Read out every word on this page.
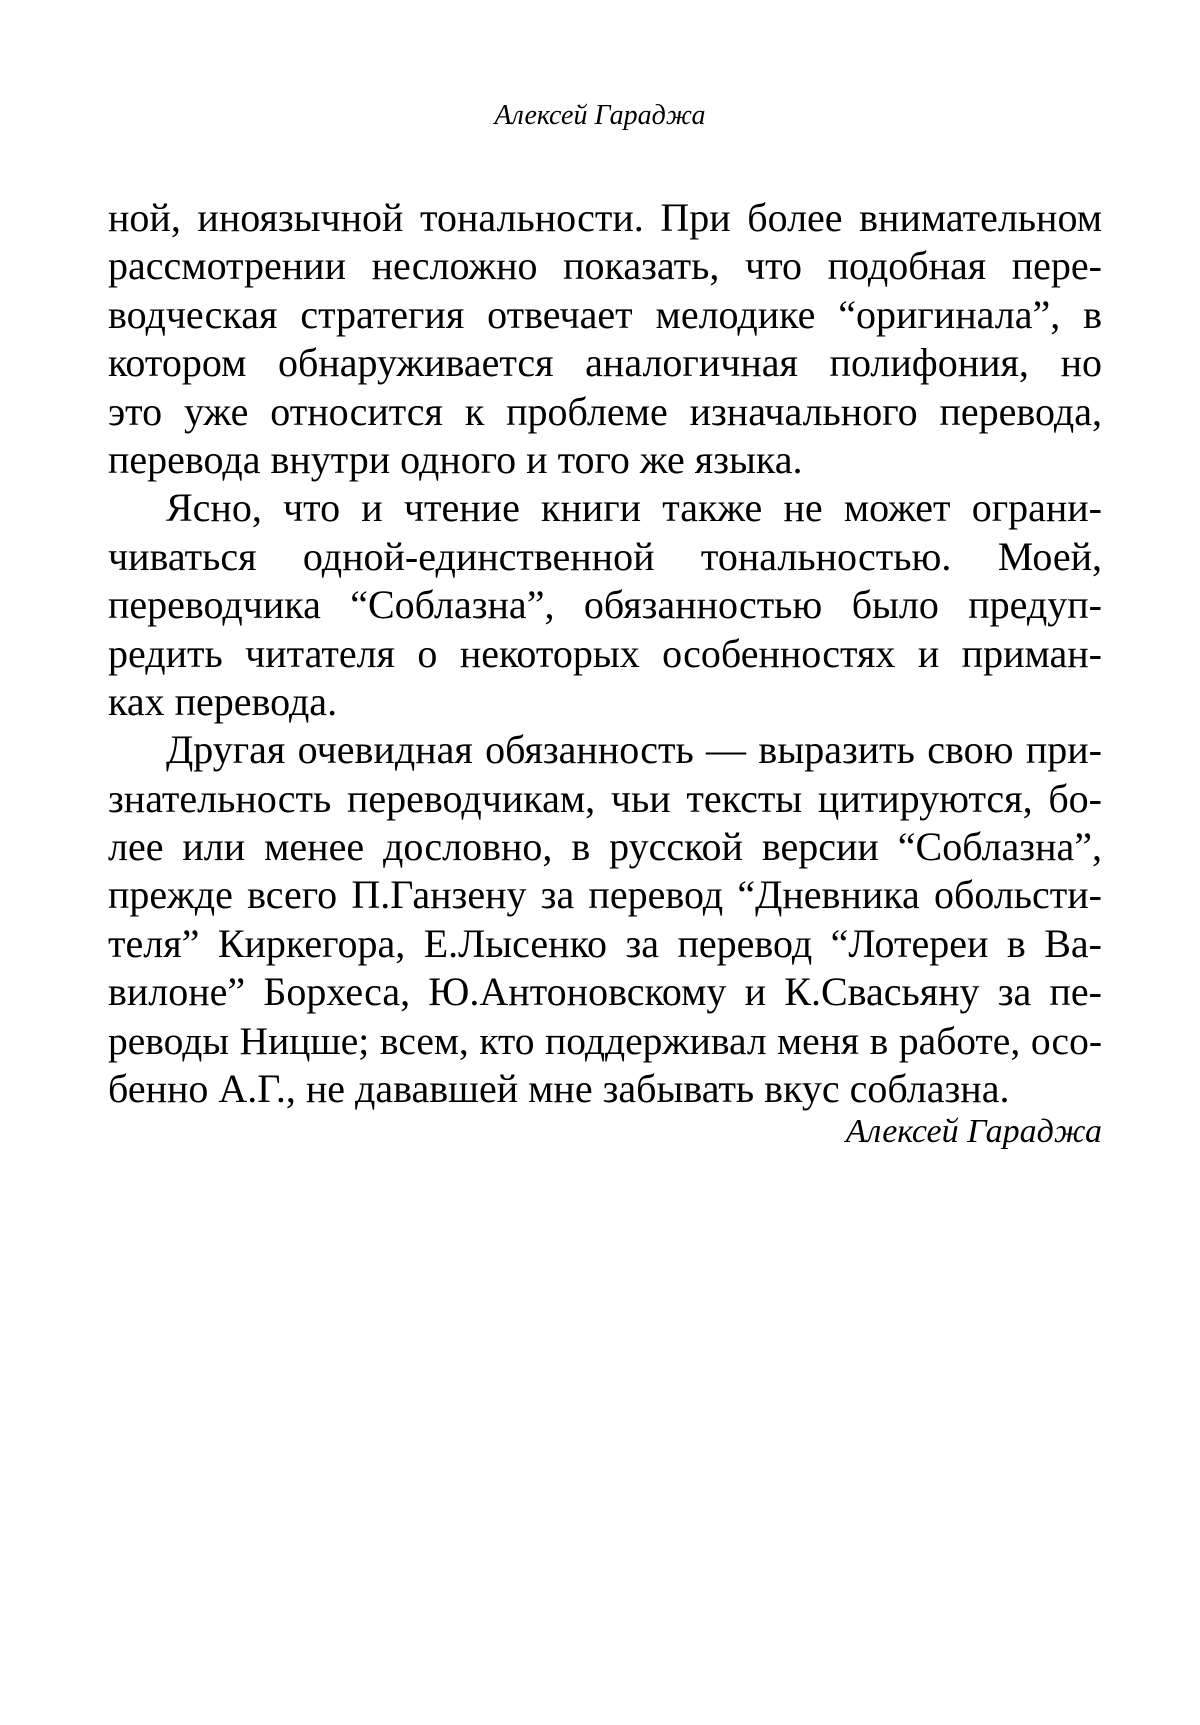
Алексей Гараджа
ной, иноязычной тональности. При более внимательном
рассмотрении несложно показать, что подобная пере-
водческая стратегия отвечает мелодике “оригинала”, в
котором обнаруживается аналогичная полифония, но
это уже относится к проблеме изначального перевода,
перевода внутри одного и того же языка.
Ясно, что и чтение книги также не может ограни-
чиваться одной-единственной тональностью. Моей,
переводчика “Соблазна”, обязанностью было предуп-
редить читателя о некоторых особенностях и приман-
ках перевода.
Другая очевидная обязанность — выразить свою при-
знательность переводчикам, чьи тексты цитируются, бо-
лее или менее дословно, в русской версии “Соблазна”,
прежде всего П.Ганзену за перевод “Дневника обольсти-
теля” Киркегора, Е.Лысенко за перевод “Лотереи в Ва-
вилоне” Борхеса, Ю.Антоновскому и К.Свасьяну за пе-
реводы Ницше; всем, кто поддерживал меня в работе, осо-
бенно А.Г., не дававшей мне забывать вкус соблазна.
Алексей Гараджа
